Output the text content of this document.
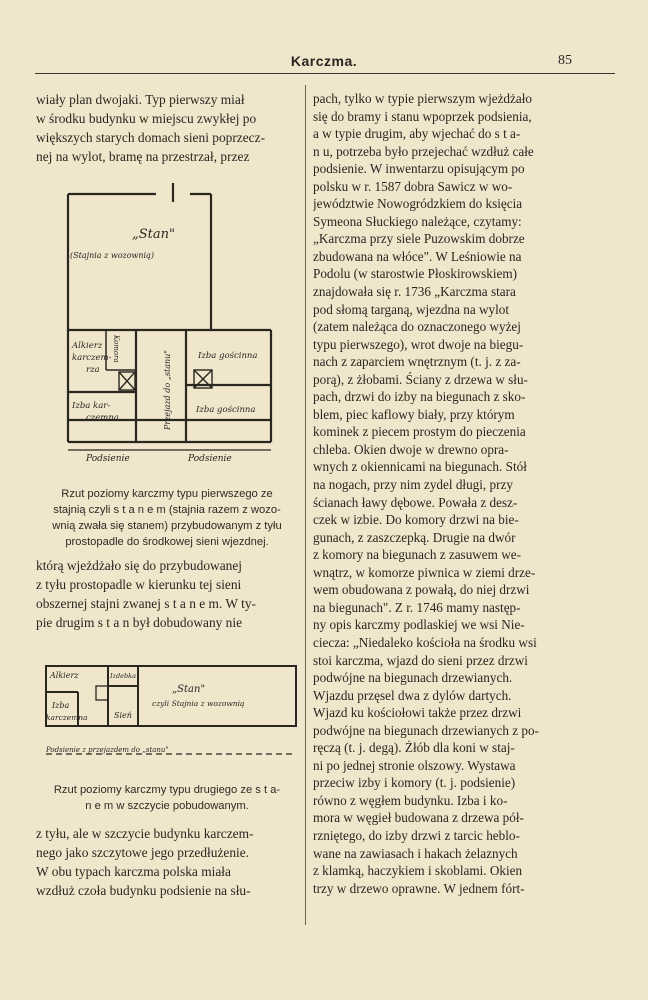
Karczma.	85
wiały plan dwojaki. Typ pierwszy miał
w środku budynku w miejscu zwykłej po
większych starych domach sieni poprzecz-
nej na wylot, bramę na przestrzał, przez
„Stan"
(Stajnia z wozownią)
Alkierz
karczem-
rza
Komora
Izba kar-
czemna	Przejazd do „stanu"	Izba gościnna
Izba gościnna
Podsienie	Podsienie
Rzut poziomy karczmy typu pierwszego ze
stajnią czyli s t a n e m (stajnia razem z wozo-
wnią zwała się stanem) przybudowanym z tyłu
prostopadle do środkowej sieni wjezdnej.
którą wjeżdżało się do przybudowanej
z tyłu prostopadle w kierunku tej sieni
obszernej stajni zwanej s t a n e m. W ty-
pie drugim s t a n był dobudowany nie
Alkierz	Izdebka
Izba
karczemna	Sień
„Stan"
czyli Stajnia z wozownią
Podsienie z przejazdem do „stanu"
Rzut poziomy karczmy typu drugiego ze s t a-
n e m w szczycie pobudowanym.
z tyłu, ale w szczycie budynku karczem-
nego jako szczytowe jego przedłużenie.
W obu typach karczma polska miała
wzdłuż czoła budynku podsienie na słu-
pach, tylko w typie pierwszym wjeżdżało
się do bramy i stanu wpoprzek podsienia,
a w typie drugim, aby wjechać do s t a-
n u, potrzeba było przejechać wzdłuż całe
podsienie. W inwentarzu opisującym po
polsku w r. 1587 dobra Sawicz w wo-
jewództwie Nowogródzkiem do księcia
Symeona Słuckiego należące, czytamy:
„Karczma przy siele Puzowskim dobrze
zbudowana na włóce". W Leśniowie na
Podolu (w starostwie Płoskirowskiem)
znajdowała się r. 1736 „Karczma stara
pod słomą targaną, wjezdna na wylot
(zatem należąca do oznaczonego wyżej
typu pierwszego), wrot dwoje na biegu-
nach z zaparciem wnętrznym (t. j. z za-
porą), z żłobami. Ściany z drzewa w słu-
pach, drzwi do izby na biegunach z sko-
blem, piec kaflowy biały, przy którym
kominek z piecem prostym do pieczenia
chleba. Okien dwoje w drewno opra-
wnych z okiennicami na biegunach. Stół
na nogach, przy nim zydel długi, przy
ścianach ławy dębowe. Powała z desz-
czek w izbie. Do komory drzwi na bie-
gunach, z zaszczepką. Drugie na dwór
z komory na biegunach z zasuwem we-
wnątrz, w komorze piwnica w ziemi drze-
wem obudowana z powałą, do niej drzwi
na biegunach". Z r. 1746 mamy następ-
ny opis karczmy podlaskiej we wsi Nie-
ciecza: „Niedaleko kościoła na środku wsi
stoi karczma, wjazd do sieni przez drzwi
podwójne na biegunach drzewianych.
Wjazdu przęsel dwa z dylów dartych.
Wjazd ku kościołowi także przez drzwi
podwójne na biegunach drzewianych z po-
ręczą (t. j. degą). Żłób dla koni w staj-
ni po jednej stronie olszowy. Wystawa
przeciw izby i komory (t. j. podsienie)
równo z węgłem budynku. Izba i ko-
mora w węgieł budowana z drzewa pół-
rzniętego, do izby drzwi z tarcic heblo-
wane na zawiasach i hakach żelaznych
z klamką, haczykiem i skoblami. Okien
trzy w drzewo oprawne. W jednem fórt-
